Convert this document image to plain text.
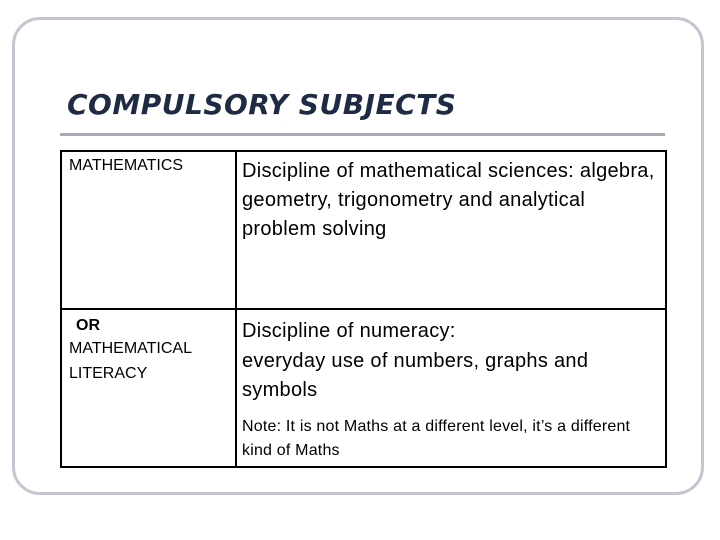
COMPULSORY SUBJECTS
MATHEMATICS	Discipline of mathematical sciences: algebra, geometry, trigonometry and analytical problem solving
OR
MATHEMATICAL LITERACY
Discipline of numeracy:
everyday use of numbers, graphs and symbols
Note: It is not Maths at a different level, it’s a different kind of Maths
